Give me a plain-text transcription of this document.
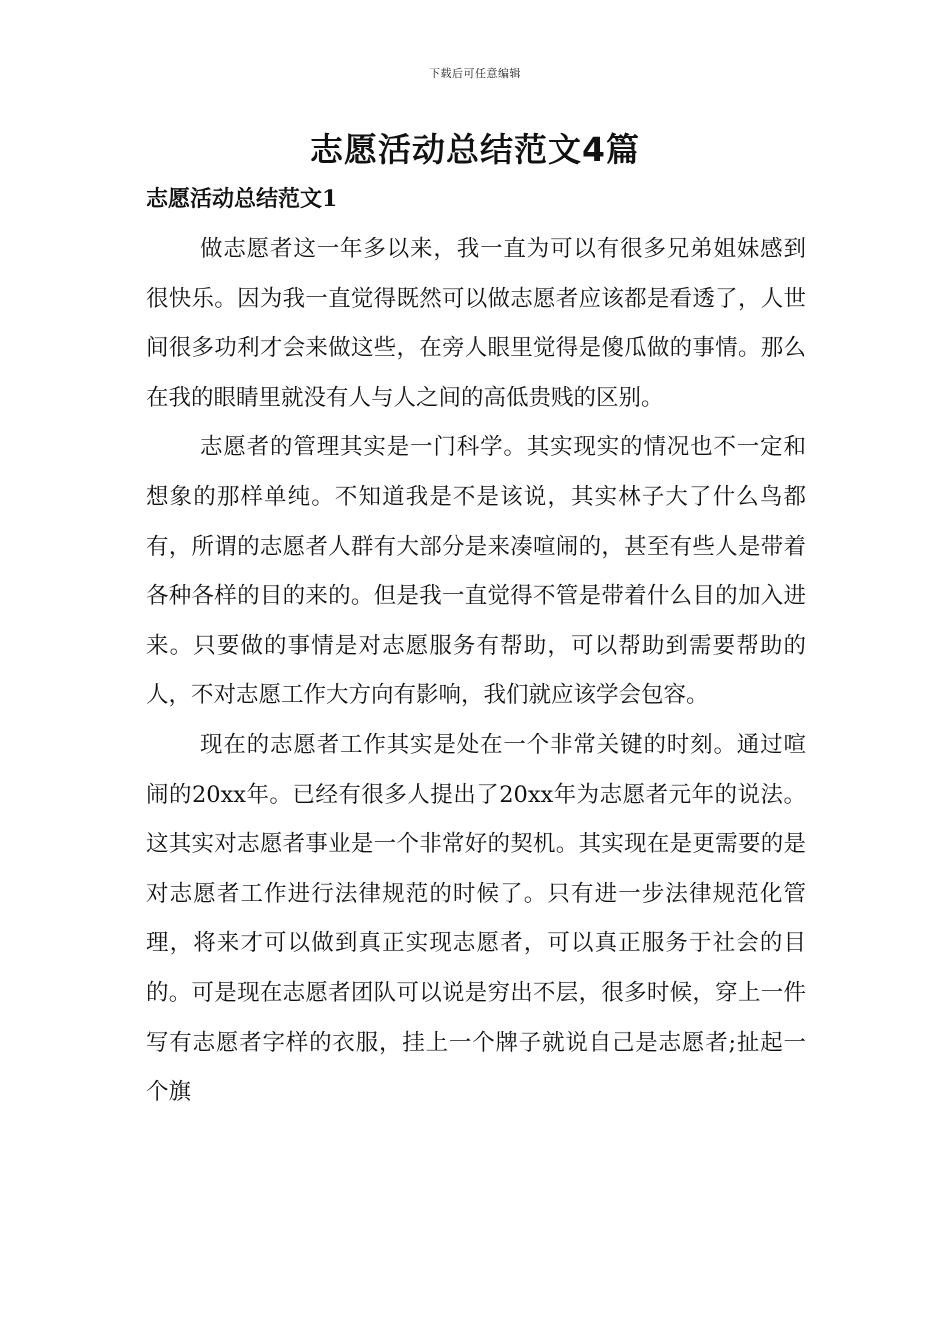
下载后可任意编辑
志愿活动总结范文4篇
志愿活动总结范文1

做志愿者这一年多以来，我一直为可以有很多兄弟姐妹感到很快乐。因为我一直觉得既然可以做志愿者应该都是看透了，人世间很多功利才会来做这些，在旁人眼里觉得是傻瓜做的事情。那么在我的眼睛里就没有人与人之间的高低贵贱的区别。

志愿者的管理其实是一门科学。其实现实的情况也不一定和想象的那样单纯。不知道我是不是该说，其实林子大了什么鸟都有，所谓的志愿者人群有大部分是来凑喧闹的，甚至有些人是带着各种各样的目的来的。但是我一直觉得不管是带着什么目的加入进来。只要做的事情是对志愿服务有帮助，可以帮助到需要帮助的人，不对志愿工作大方向有影响，我们就应该学会包容。

现在的志愿者工作其实是处在一个非常关键的时刻。通过喧闹的20xx年。已经有很多人提出了20xx年为志愿者元年的说法。这其实对志愿者事业是一个非常好的契机。其实现在是更需要的是对志愿者工作进行法律规范的时候了。只有进一步法律规范化管理，将来才可以做到真正实现志愿者，可以真正服务于社会的目的。可是现在志愿者团队可以说是穷出不层，很多时候，穿上一件写有志愿者字样的衣服，挂上一个牌子就说自己是志愿者;扯起一个旗
